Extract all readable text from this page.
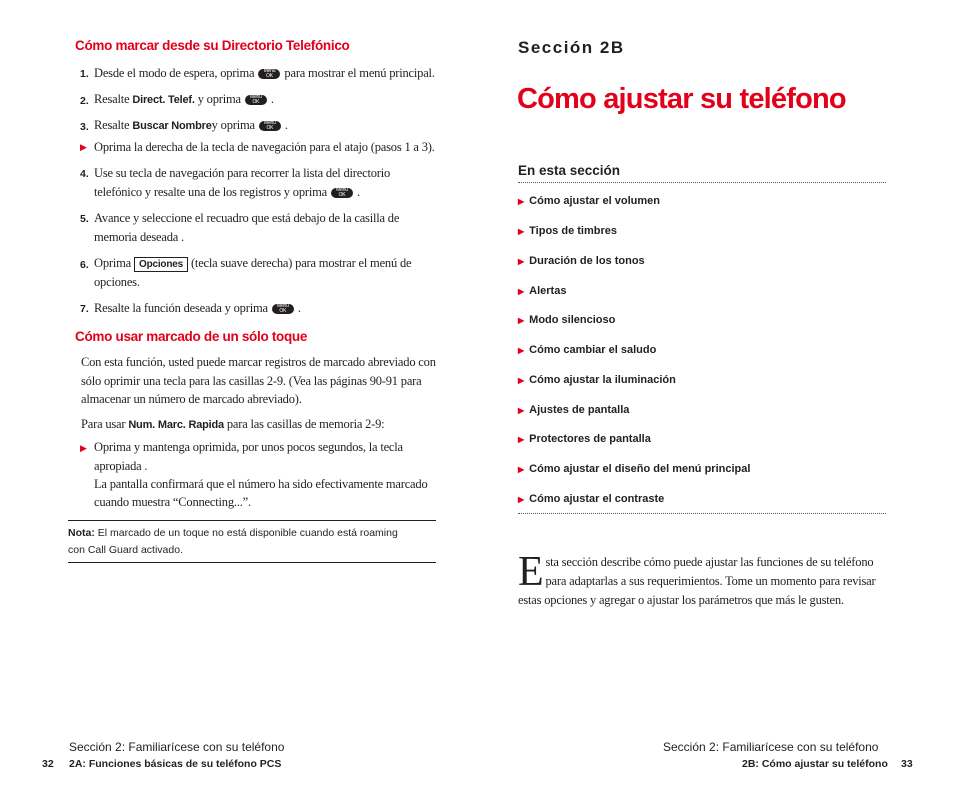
Cómo marcar desde su Directorio Telefónico
1. Desde el modo de espera, oprima	Menu
OK para mostrar el menú principal.
2. Resalte Direct. Telef. y oprima	Menu
OK .
3. Resalte Buscar Nombrey oprima	Menu
OK .
▶ Oprima la derecha de la tecla de navegación para el atajo (pasos 1 a 3).
4. Use su tecla de navegación para recorrer la lista del directorio
telefónico y resalte una de los registros y oprima	Menu
OK .
5. Avance y seleccione el recuadro que está debajo de la casilla de
memoria deseada .
6. Oprima Opciones (tecla suave derecha) para mostrar el menú de
opciones.
7. Resalte la función deseada y oprima	Menu
OK .
Cómo usar marcado de un sólo toque
Con esta función, usted puede marcar registros de marcado abreviado con
sólo oprimir una tecla para las casillas 2-9. (Vea las páginas 90-91 para
almacenar un número de marcado abreviado).
Para usar Num. Marc. Rapida para las casillas de memoria 2-9:
▶ Oprima y mantenga oprimida, por unos pocos segundos, la tecla
apropiada .
La pantalla confirmará que el número ha sido efectivamente marcado
cuando muestra “Connecting...”.
Nota: El marcado de un toque no está disponible cuando está roaming
con Call Guard activado.
Sección 2: Familiarícese con su teléfono
32 2A: Funciones básicas de su teléfono PCS
Sección 2B
Cómo ajustar su teléfono
En esta sección
▶ Cómo ajustar el volumen
▶ Tipos de timbres
▶ Duración de los tonos
▶ Alertas
▶ Modo silencioso
▶ Cómo cambiar el saludo
▶ Cómo ajustar la iluminación
▶ Ajustes de pantalla
▶ Protectores de pantalla
▶ Cómo ajustar el diseño del menú principal
▶ Cómo ajustar el contraste
Esta sección describe cómo puede ajustar las funciones de su teléfono para adaptarlas a sus requerimientos. Tome un momento para revisar estas opciones y agregar o ajustar los parámetros que más le gusten.
Sección 2: Familiarícese con su teléfono
2B: Cómo ajustar su teléfono 33
